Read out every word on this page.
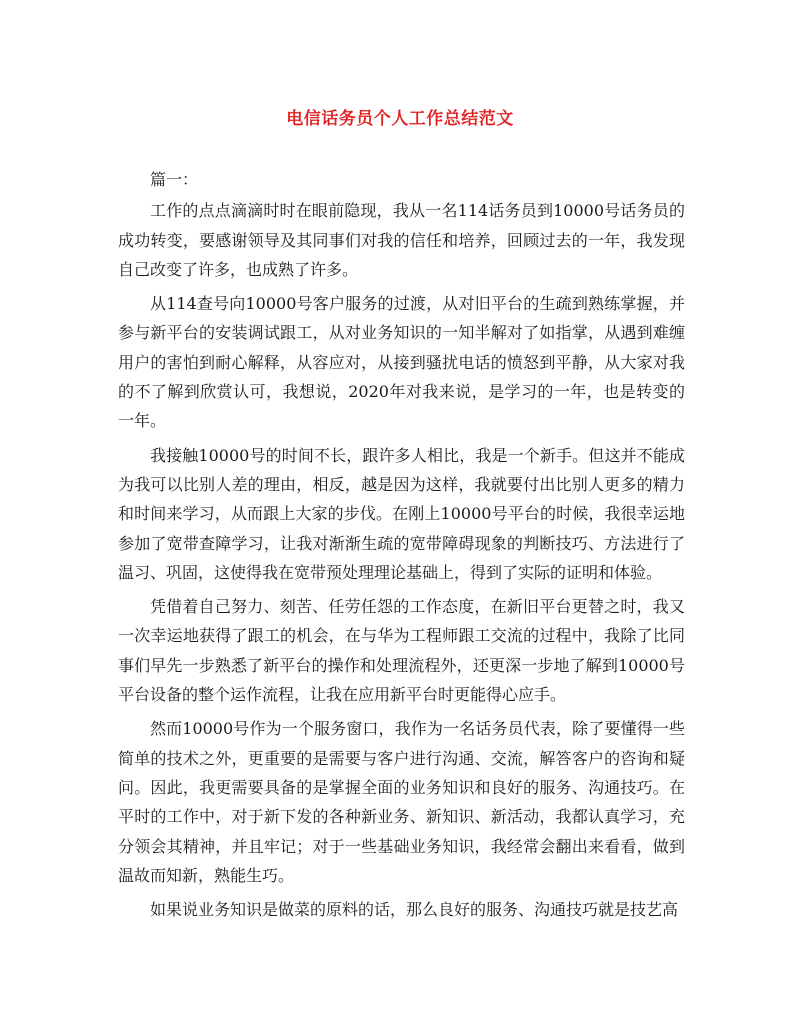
电信话务员个人工作总结范文

篇一：

工作的点点滴滴时时在眼前隐现，我从一名114话务员到10000号话务员的成功转变，要感谢领导及其同事们对我的信任和培养，回顾过去的一年，我发现自己改变了许多，也成熟了许多。

从114查号向10000号客户服务的过渡，从对旧平台的生疏到熟练掌握，并参与新平台的安装调试跟工，从对业务知识的一知半解对了如指掌，从遇到难缠用户的害怕到耐心解释，从容应对，从接到骚扰电话的愤怒到平静，从大家对我的不了解到欣赏认可，我想说，2020年对我来说，是学习的一年，也是转变的一年。

我接触10000号的时间不长，跟许多人相比，我是一个新手。但这并不能成为我可以比别人差的理由，相反，越是因为这样，我就要付出比别人更多的精力和时间来学习，从而跟上大家的步伐。在刚上10000号平台的时候，我很幸运地参加了宽带查障学习，让我对渐渐生疏的宽带障碍现象的判断技巧、方法进行了温习、巩固，这使得我在宽带预处理理论基础上，得到了实际的证明和体验。

凭借着自己努力、刻苦、任劳任怨的工作态度，在新旧平台更替之时，我又一次幸运地获得了跟工的机会，在与华为工程师跟工交流的过程中，我除了比同事们早先一步熟悉了新平台的操作和处理流程外，还更深一步地了解到10000号平台设备的整个运作流程，让我在应用新平台时更能得心应手。

然而10000号作为一个服务窗口，我作为一名话务员代表，除了要懂得一些简单的技术之外，更重要的是需要与客户进行沟通、交流，解答客户的咨询和疑问。因此，我更需要具备的是掌握全面的业务知识和良好的服务、沟通技巧。在平时的工作中，对于新下发的各种新业务、新知识、新活动，我都认真学习，充分领会其精神，并且牢记；对于一些基础业务知识，我经常会翻出来看看，做到温故而知新，熟能生巧。

如果说业务知识是做菜的原料的话，那么良好的服务、沟通技巧就是技艺高
